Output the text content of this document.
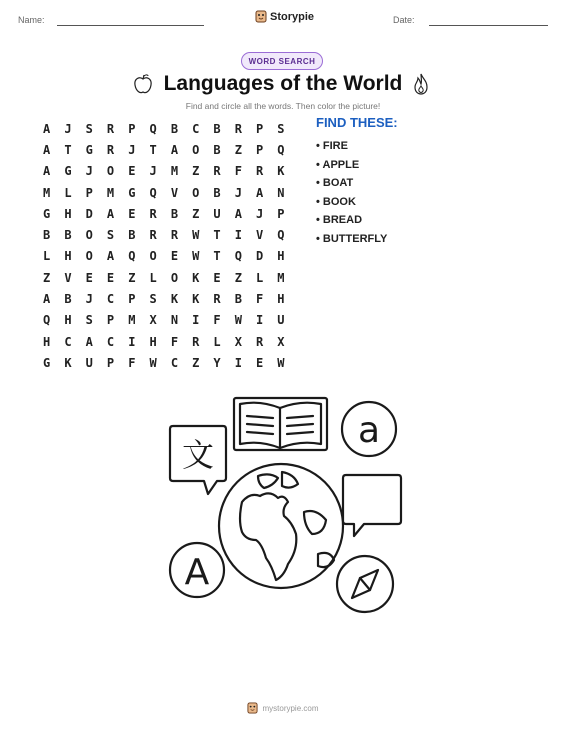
Name:	Storypie	Date:
WORD SEARCH
Languages of the World
Find and circle all the words. Then color the picture!
A	J	S	R	P	Q	B	C	B	R	P	S
A	T	G	R	J	T	A	O	B	Z	P	Q
A	G	J	O	E	J	M	Z	R	F	R	K
M	L	P	M	G	Q	V	O	B	J	A	N
G	H	D	A	E	R	B	Z	U	A	J	P
B	B	O	S	B	R	R	W	T	I	V	Q
L	H	O	A	Q	O	E	W	T	Q	D	H
Z	V	E	E	Z	L	O	K	E	Z	L	M
A	B	J	C	P	S	K	K	R	B	F	H
Q	H	S	P	M	X	N	I	F	W	I	U
H	C	A	C	I	H	F	R	L	X	R	X
G	K	U	P	F	W	C	Z	Y	I	E	W
FIND THESE:
• FIRE
• APPLE
• BOAT
• BOOK
• BREAD
• BUTTERFLY
文
a
A
mystorypie.com
